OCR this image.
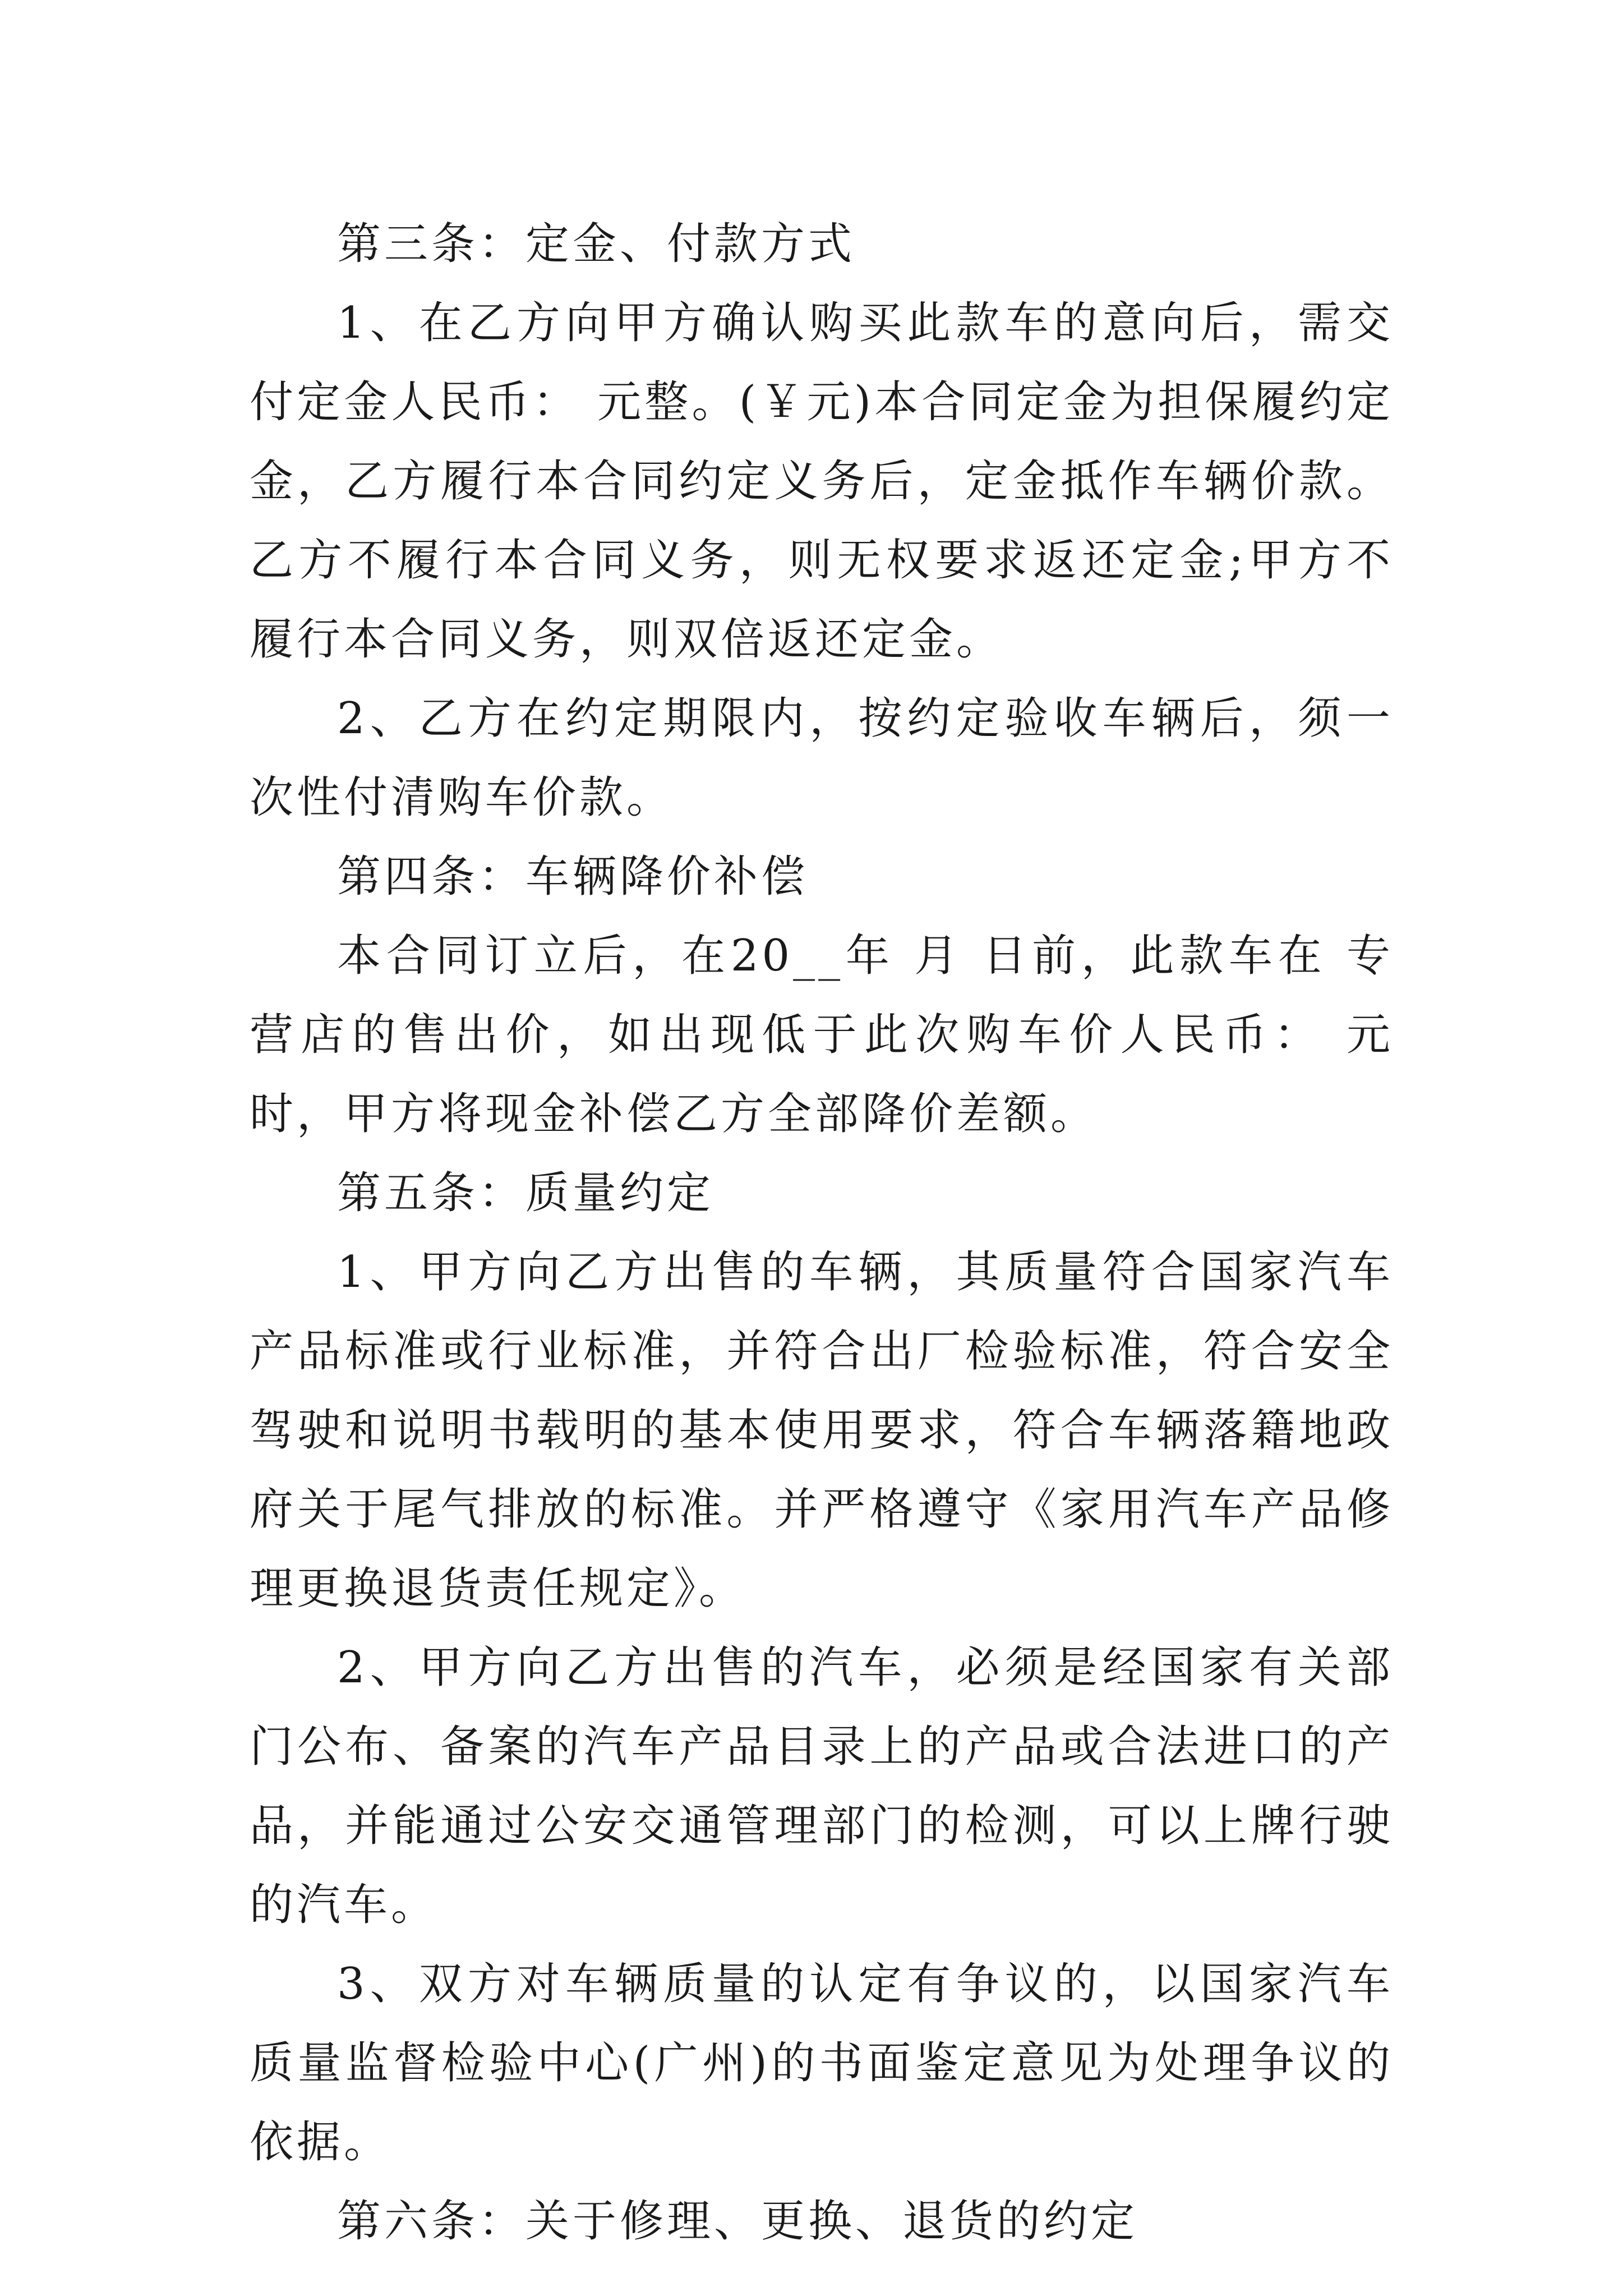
第三条：定金、付款方式

1、在乙方向甲方确认购买此款车的意向后，需交付定金人民币： 元整。(￥元)本合同定金为担保履约定金，乙方履行本合同约定义务后，定金抵作车辆价款。乙方不履行本合同义务，则无权要求返还定金;甲方不履行本合同义务，则双倍返还定金。

2、乙方在约定期限内，按约定验收车辆后，须一次性付清购车价款。

第四条：车辆降价补偿

本合同订立后，在20__年 月 日前，此款车在 专营店的售出价，如出现低于此次购车价人民币： 元时，甲方将现金补偿乙方全部降价差额。

第五条：质量约定

1、甲方向乙方出售的车辆，其质量符合国家汽车产品标准或行业标准，并符合出厂检验标准，符合安全驾驶和说明书载明的基本使用要求，符合车辆落籍地政府关于尾气排放的标准。并严格遵守《家用汽车产品修理更换退货责任规定》。

2、甲方向乙方出售的汽车，必须是经国家有关部门公布、备案的汽车产品目录上的产品或合法进口的产品，并能通过公安交通管理部门的检测，可以上牌行驶的汽车。

3、双方对车辆质量的认定有争议的，以国家汽车质量监督检验中心(广州)的书面鉴定意见为处理争议的依据。

第六条：关于修理、更换、退货的约定
